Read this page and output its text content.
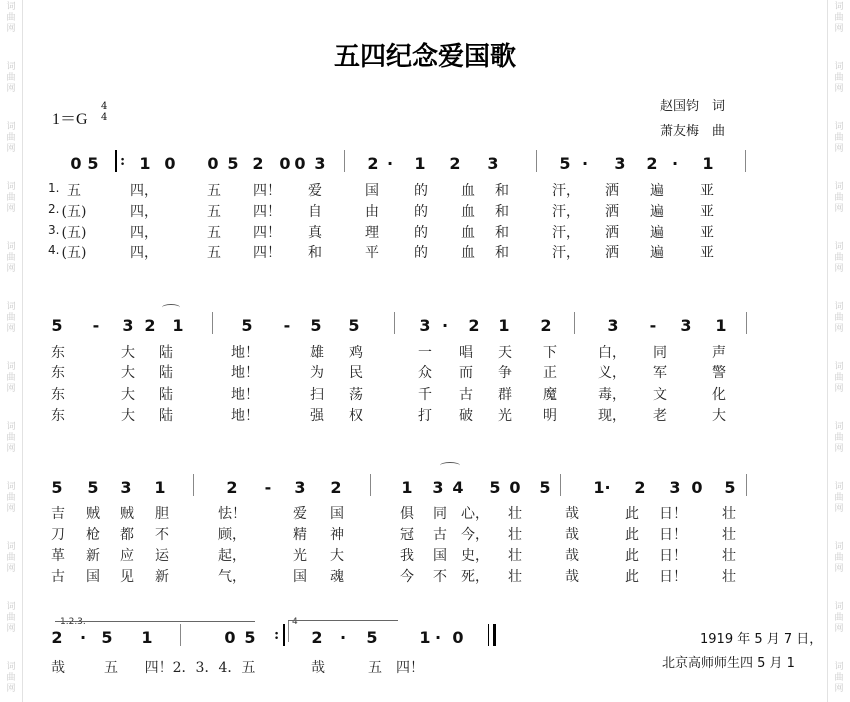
词
曲
网
词
曲
网
词
曲
网
词
曲
网
词
曲
网
词
曲
网
词
曲
网
词
曲
网
词
曲
网
词
曲
网
词
曲
网
词
曲
网
词
曲
网
词
曲
网
词
曲
网
词
曲
网
词
曲
网
词
曲
网
词
曲
网
词
曲
网
词
曲
网
词
曲
网
词
曲
网
词
曲
网
五四纪念爱国歌
1＝G
4
4
赵国钧　词
萧友梅　曲
:
0 5	1 0 0 5 2 0 0 3	2 · 1 2 3	5 · 3 2 · 1
1. 五	四，	五 四！ 爱	国	的 血 和	汗， 洒 遍	亚
2. (五)	四，	五 四！ 自	由	的 血 和	汗， 洒 遍	亚
3. (五)	四，	五 四！ 真	理	的 血 和	汗， 洒 遍	亚
4. (五)	四，	五 四！ 和	平	的 血 和	汗， 洒 遍	亚
5 - 3 2 1	5 - 5 5	3 · 2 1 2	3 - 3 1
东	大 陆	地！	雄 鸡	一 唱 天 下	白， 同	声
东	大 陆	地！	为 民	众 而 争 正	义， 军	警
东	大 陆	地！	扫 荡	千 古 群 魔	毒， 文	化
东	大 陆	地！	强 权	打 破 光 明	现， 老	大
5 5 3 1	2 - 3 2	1 3 4 5 0 5	1· 2 3 0 5
吉 贼 贼 胆	怯！	爱 国	俱 同 心， 壮	哉	此 日！	壮
刀 枪 都 不	顾，	精 神	冠 古 今， 壮	哉	此 日！	壮
革 新 应 运	起，	光 大	我 国 史， 壮	哉	此 日！	壮
古 国 见 新	气，	国 魂	今 不 死， 壮	哉	此 日！	壮
1.2.3.	4
:	1919 年 5 月 7 日，
北京高师师生四 5 月 1
2 · 5 1	0 5	2 · 5	1 · 0
哉	五 四！2．3．4．五	哉	五 四！
